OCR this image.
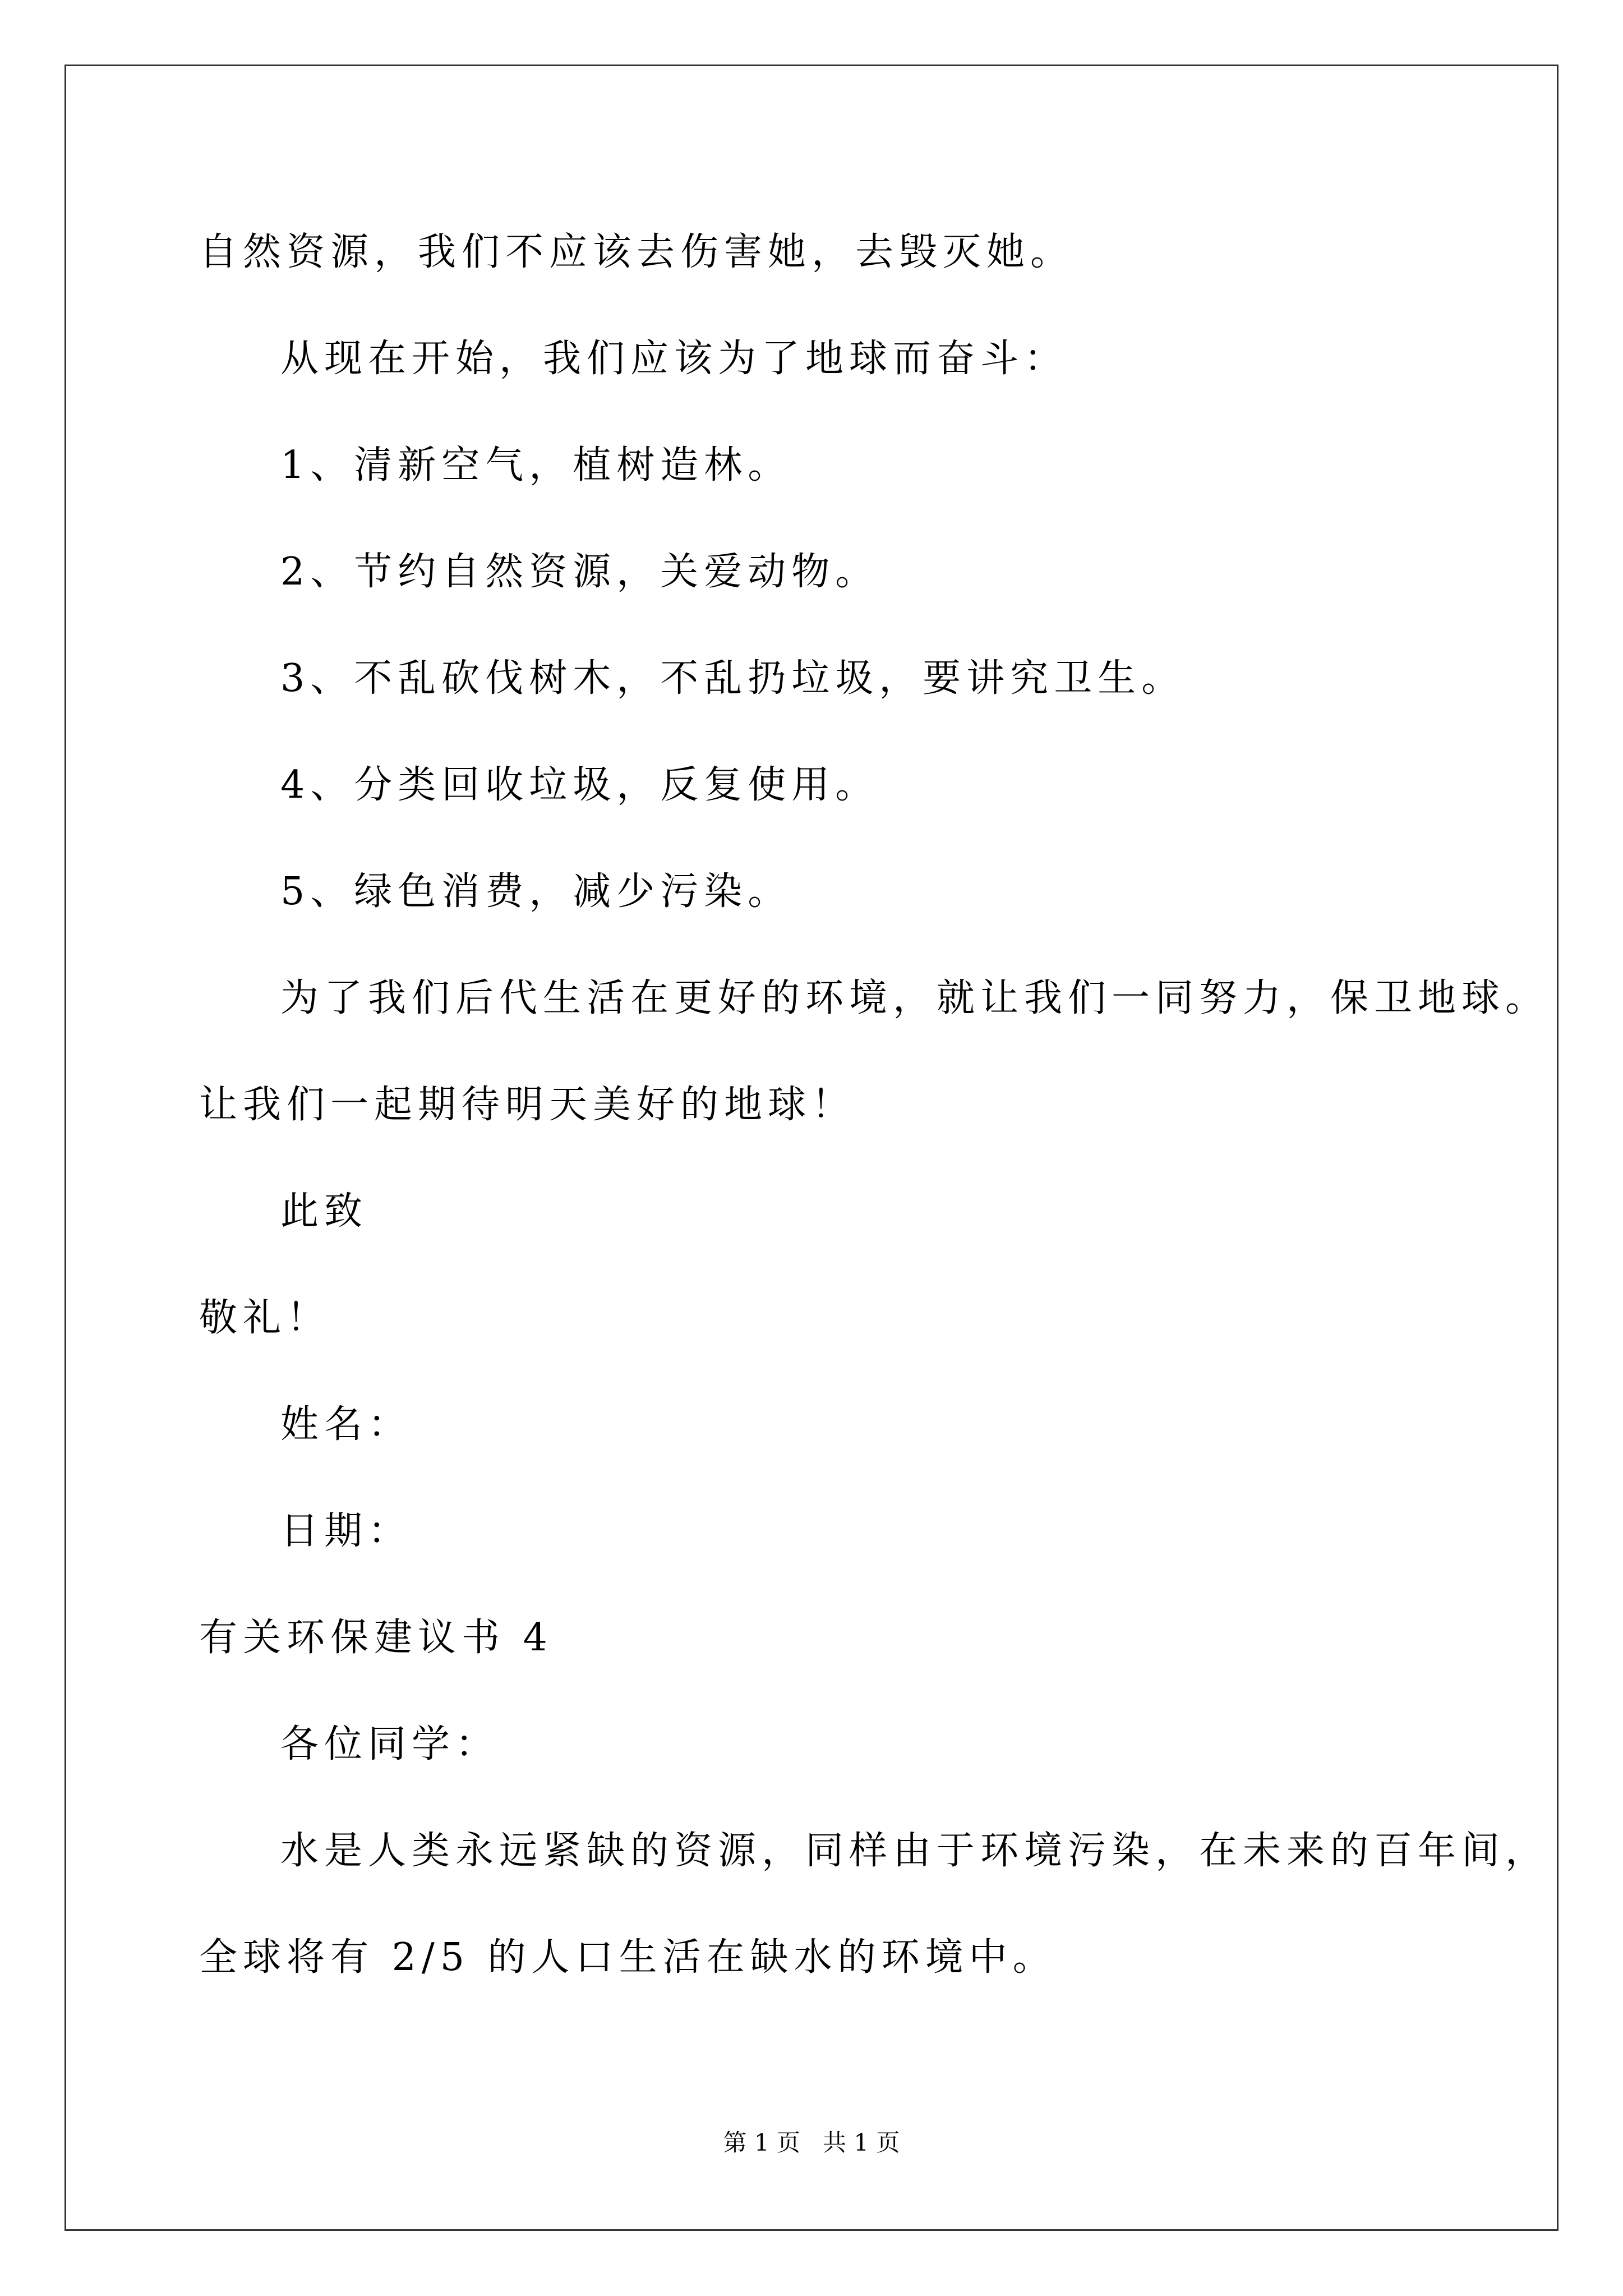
自然资源，我们不应该去伤害她，去毁灭她。
从现在开始，我们应该为了地球而奋斗：
1、清新空气，植树造林。
2、节约自然资源，关爱动物。
3、不乱砍伐树木，不乱扔垃圾，要讲究卫生。
4、分类回收垃圾，反复使用。
5、绿色消费，减少污染。
为了我们后代生活在更好的环境，就让我们一同努力，保卫地球。
让我们一起期待明天美好的地球！
此致
敬礼！
姓名：
日期：
有关环保建议书 4
各位同学：
水是人类永远紧缺的资源，同样由于环境污染，在未来的百年间，
全球将有 2/5 的人口生活在缺水的环境中。
第 1 页   共 1 页
